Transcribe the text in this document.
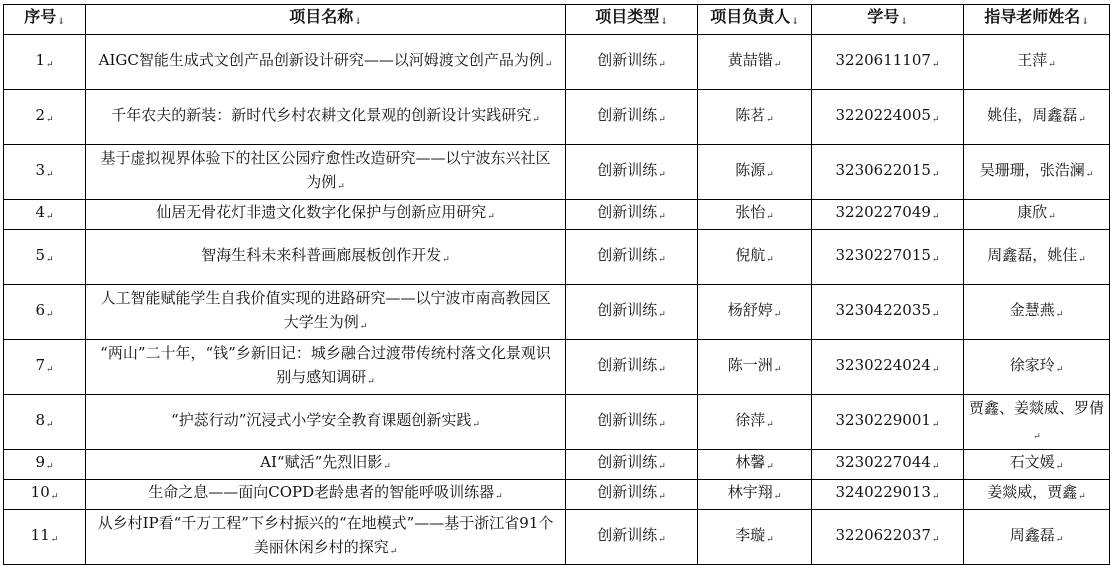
序号↓	项目名称↓	项目类型↓	项目负责人↓	学号↓	指导老师姓名↓
1↵	AIGC智能生成式文创产品创新设计研究——以河姆渡文创产品为例↵	创新训练↵	黄喆锴↵	3220611107↵	王萍↵
2↵	千年农夫的新装：新时代乡村农耕文化景观的创新设计实践研究↵	创新训练↵	陈茗↵	3220224005↵	姚佳，周鑫磊↵
3↵	基于虚拟视界体验下的社区公园疗愈性改造研究——以宁波东兴社区为例↵	创新训练↵	陈源↵	3230622015↵	吴珊珊，张浩澜↵
4↵	仙居无骨花灯非遗文化数字化保护与创新应用研究↵	创新训练↵	张怡↵	3220227049↵	康欣↵
5↵	智海生科未来科普画廊展板创作开发↵	创新训练↵	倪航↵	3230227015↵	周鑫磊，姚佳↵
6↵	人工智能赋能学生自我价值实现的进路研究——以宁波市南高教园区大学生为例↵	创新训练↵	杨舒婷↵	3230422035↵	金慧燕↵
7↵	“两山”二十年，“钱”乡新旧记：城乡融合过渡带传统村落文化景观识别与感知调研↵	创新训练↵	陈一洲↵	3230224024↵	徐家玲↵
8↵	“护蕊行动”沉浸式小学安全教育课题创新实践↵	创新训练↵	徐萍↵	3230229001↵	贾鑫、姜燚威、罗倩↵
9↵	AI“赋活”先烈旧影↵	创新训练↵	林馨↵	3230227044↵	石文媛↵
10↵	生命之息——面向COPD老龄患者的智能呼吸训练器↵	创新训练↵	林宇翔↵	3240229013↵	姜燚威，贾鑫↵
11↵	从乡村IP看“千万工程”下乡村振兴的“在地模式”——基于浙江省91个美丽休闲乡村的探究↵	创新训练↵	李璇↵	3220622037↵	周鑫磊↵
